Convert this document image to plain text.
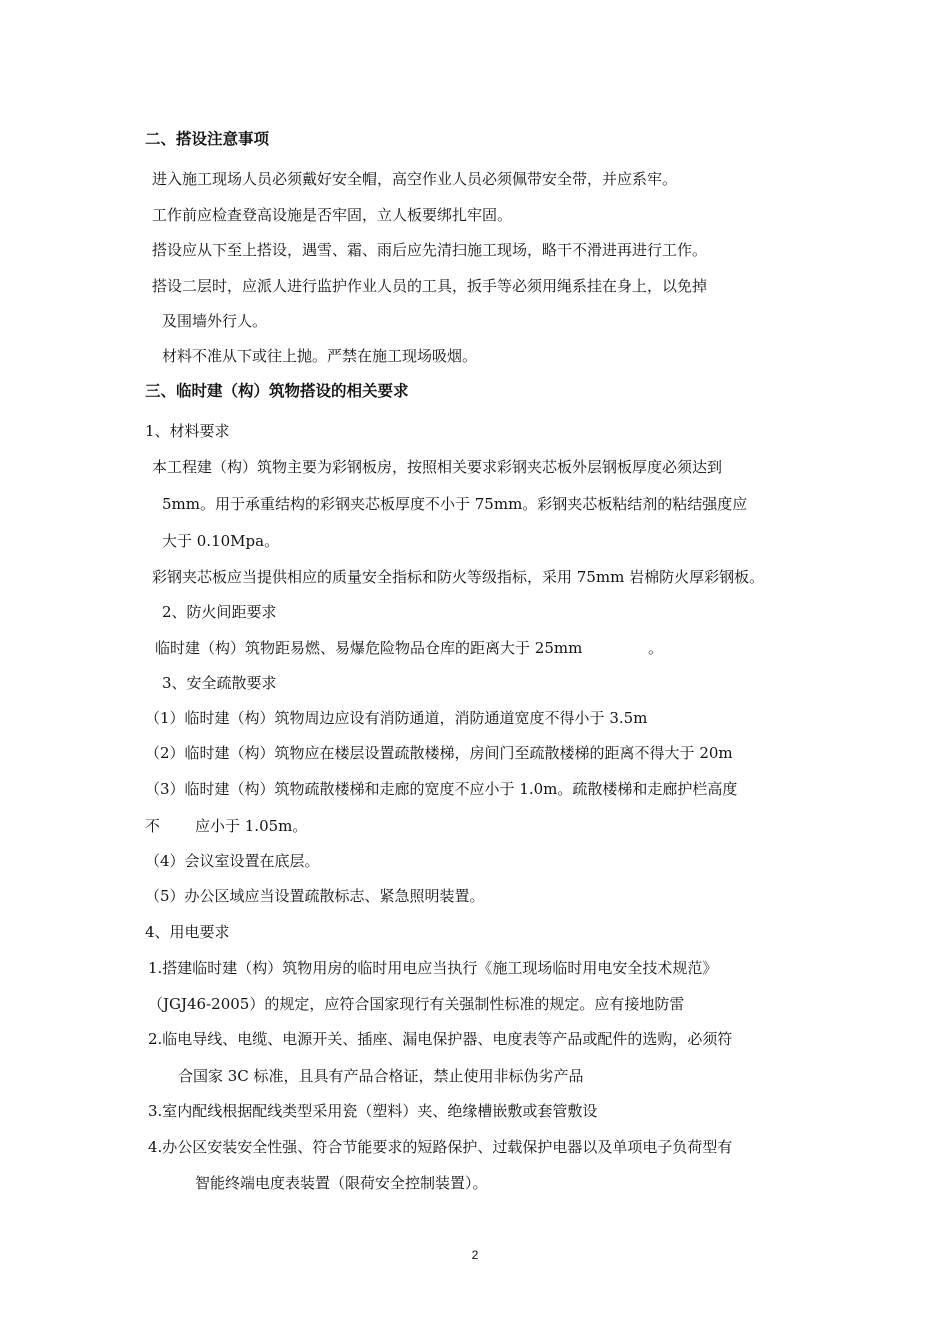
二、搭设注意事项
进入施工现场人员必须戴好安全帽，高空作业人员必须佩带安全带，并应系牢。
工作前应检查登高设施是否牢固，立人板要绑扎牢固。
搭设应从下至上搭设，遇雪、霜、雨后应先清扫施工现场，略干不滑进再进行工作。
搭设二层时，应派人进行监护作业人员的工具，扳手等必须用绳系挂在身上，以免掉
及围墙外行人。
材料不准从下或往上抛。严禁在施工现场吸烟。
三、临时建（构）筑物搭设的相关要求
1、材料要求
本工程建（构）筑物主要为彩钢板房，按照相关要求彩钢夹芯板外层钢板厚度必须达到
5mm。用于承重结构的彩钢夹芯板厚度不小于 75mm。彩钢夹芯板粘结剂的粘结强度应
大于 0.10Mpa。
彩钢夹芯板应当提供相应的质量安全指标和防火等级指标，采用 75mm 岩棉防火厚彩钢板。
2、防火间距要求
临时建（构）筑物距易燃、易爆危险物品仓库的距离大于 25mm	。
3、安全疏散要求
（1）临时建（构）筑物周边应设有消防通道，消防通道宽度不得小于 3.5m
（2）临时建（构）筑物应在楼层设置疏散楼梯，房间门至疏散楼梯的距离不得大于 20m
（3）临时建（构）筑物疏散楼梯和走廊的宽度不应小于 1.0m。疏散楼梯和走廊护栏高度
不 应小于 1.05m。
（4）会议室设置在底层。
（5）办公区域应当设置疏散标志、紧急照明装置。
4、用电要求
1.搭建临时建（构）筑物用房的临时用电应当执行《施工现场临时用电安全技术规范》
（JGJ46-2005）的规定，应符合国家现行有关强制性标准的规定。应有接地防雷
2.临电导线、电缆、电源开关、插座、漏电保护器、电度表等产品或配件的选购，必须符
合国家 3C 标准，且具有产品合格证，禁止使用非标伪劣产品
3.室内配线根据配线类型采用瓷（塑料）夹、绝缘槽嵌敷或套管敷设
4.办公区安装安全性强、符合节能要求的短路保护、过载保护电器以及单项电子负荷型有
智能终端电度表装置（限荷安全控制装置）。
2
